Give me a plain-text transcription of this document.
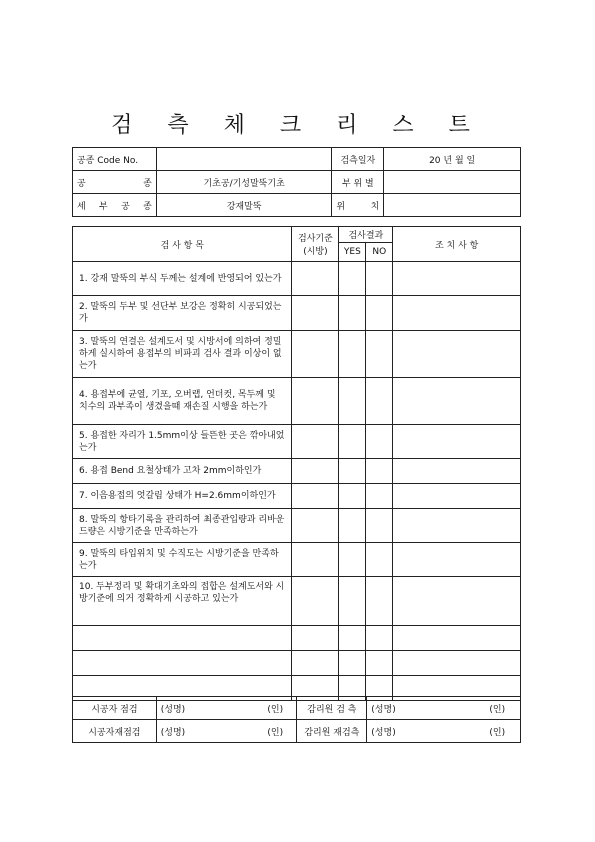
검 측 체 크 리 스 트
공종 Code No.		검측일자	20 년 월 일
공 종	기초공/기성말뚝기초	부 위 별	
세 부 공 종	강재말뚝	위 치	
검 사 항 목	검사기준 (시방)	검사결과		조 치 사 항
		YES	NO	
1. 강재 말뚝의 부식 두께는 설계에 반영되어 있는가				
2. 말뚝의 두부 및 선단부 보강은 정확히 시공되었는가				
3. 말뚝의 연결은 설계도서 및 시방서에 의하여 정밀하게 실시하여 용접부의 비파괴 검사 결과 이상이 없는가				
4. 용접부에 균열, 기포, 오버랩, 언더컷, 목두께 및 치수의 과부족이 생겼을때 재손질 시행을 하는가				
5. 용접한 자리가 1.5mm이상 들뜬한 곳은 깎아내었는가				
6. 용접 Bend 요철상태가 고차 2mm이하인가				
7. 이음용접의 엇갈림 상태가 H=2.6mm이하인가				
8. 말뚝의 항타기록을 관리하여 최종관입량과 리바운드량은 시방기준을 만족하는가				
9. 말뚝의 타입위치 및 수직도는 시방기준을 만족하는가				
10. 두부정리 및 확대기초와의 접합은 설계도서와 시방기준에 의거 정확하게 시공하고 있는가				

시공자 점검	(성명)	(인)	감리원 검 측	(성명)	(인)
시공자재점검	(성명)	(인)	감리원 재검측	(성명)	(인)
